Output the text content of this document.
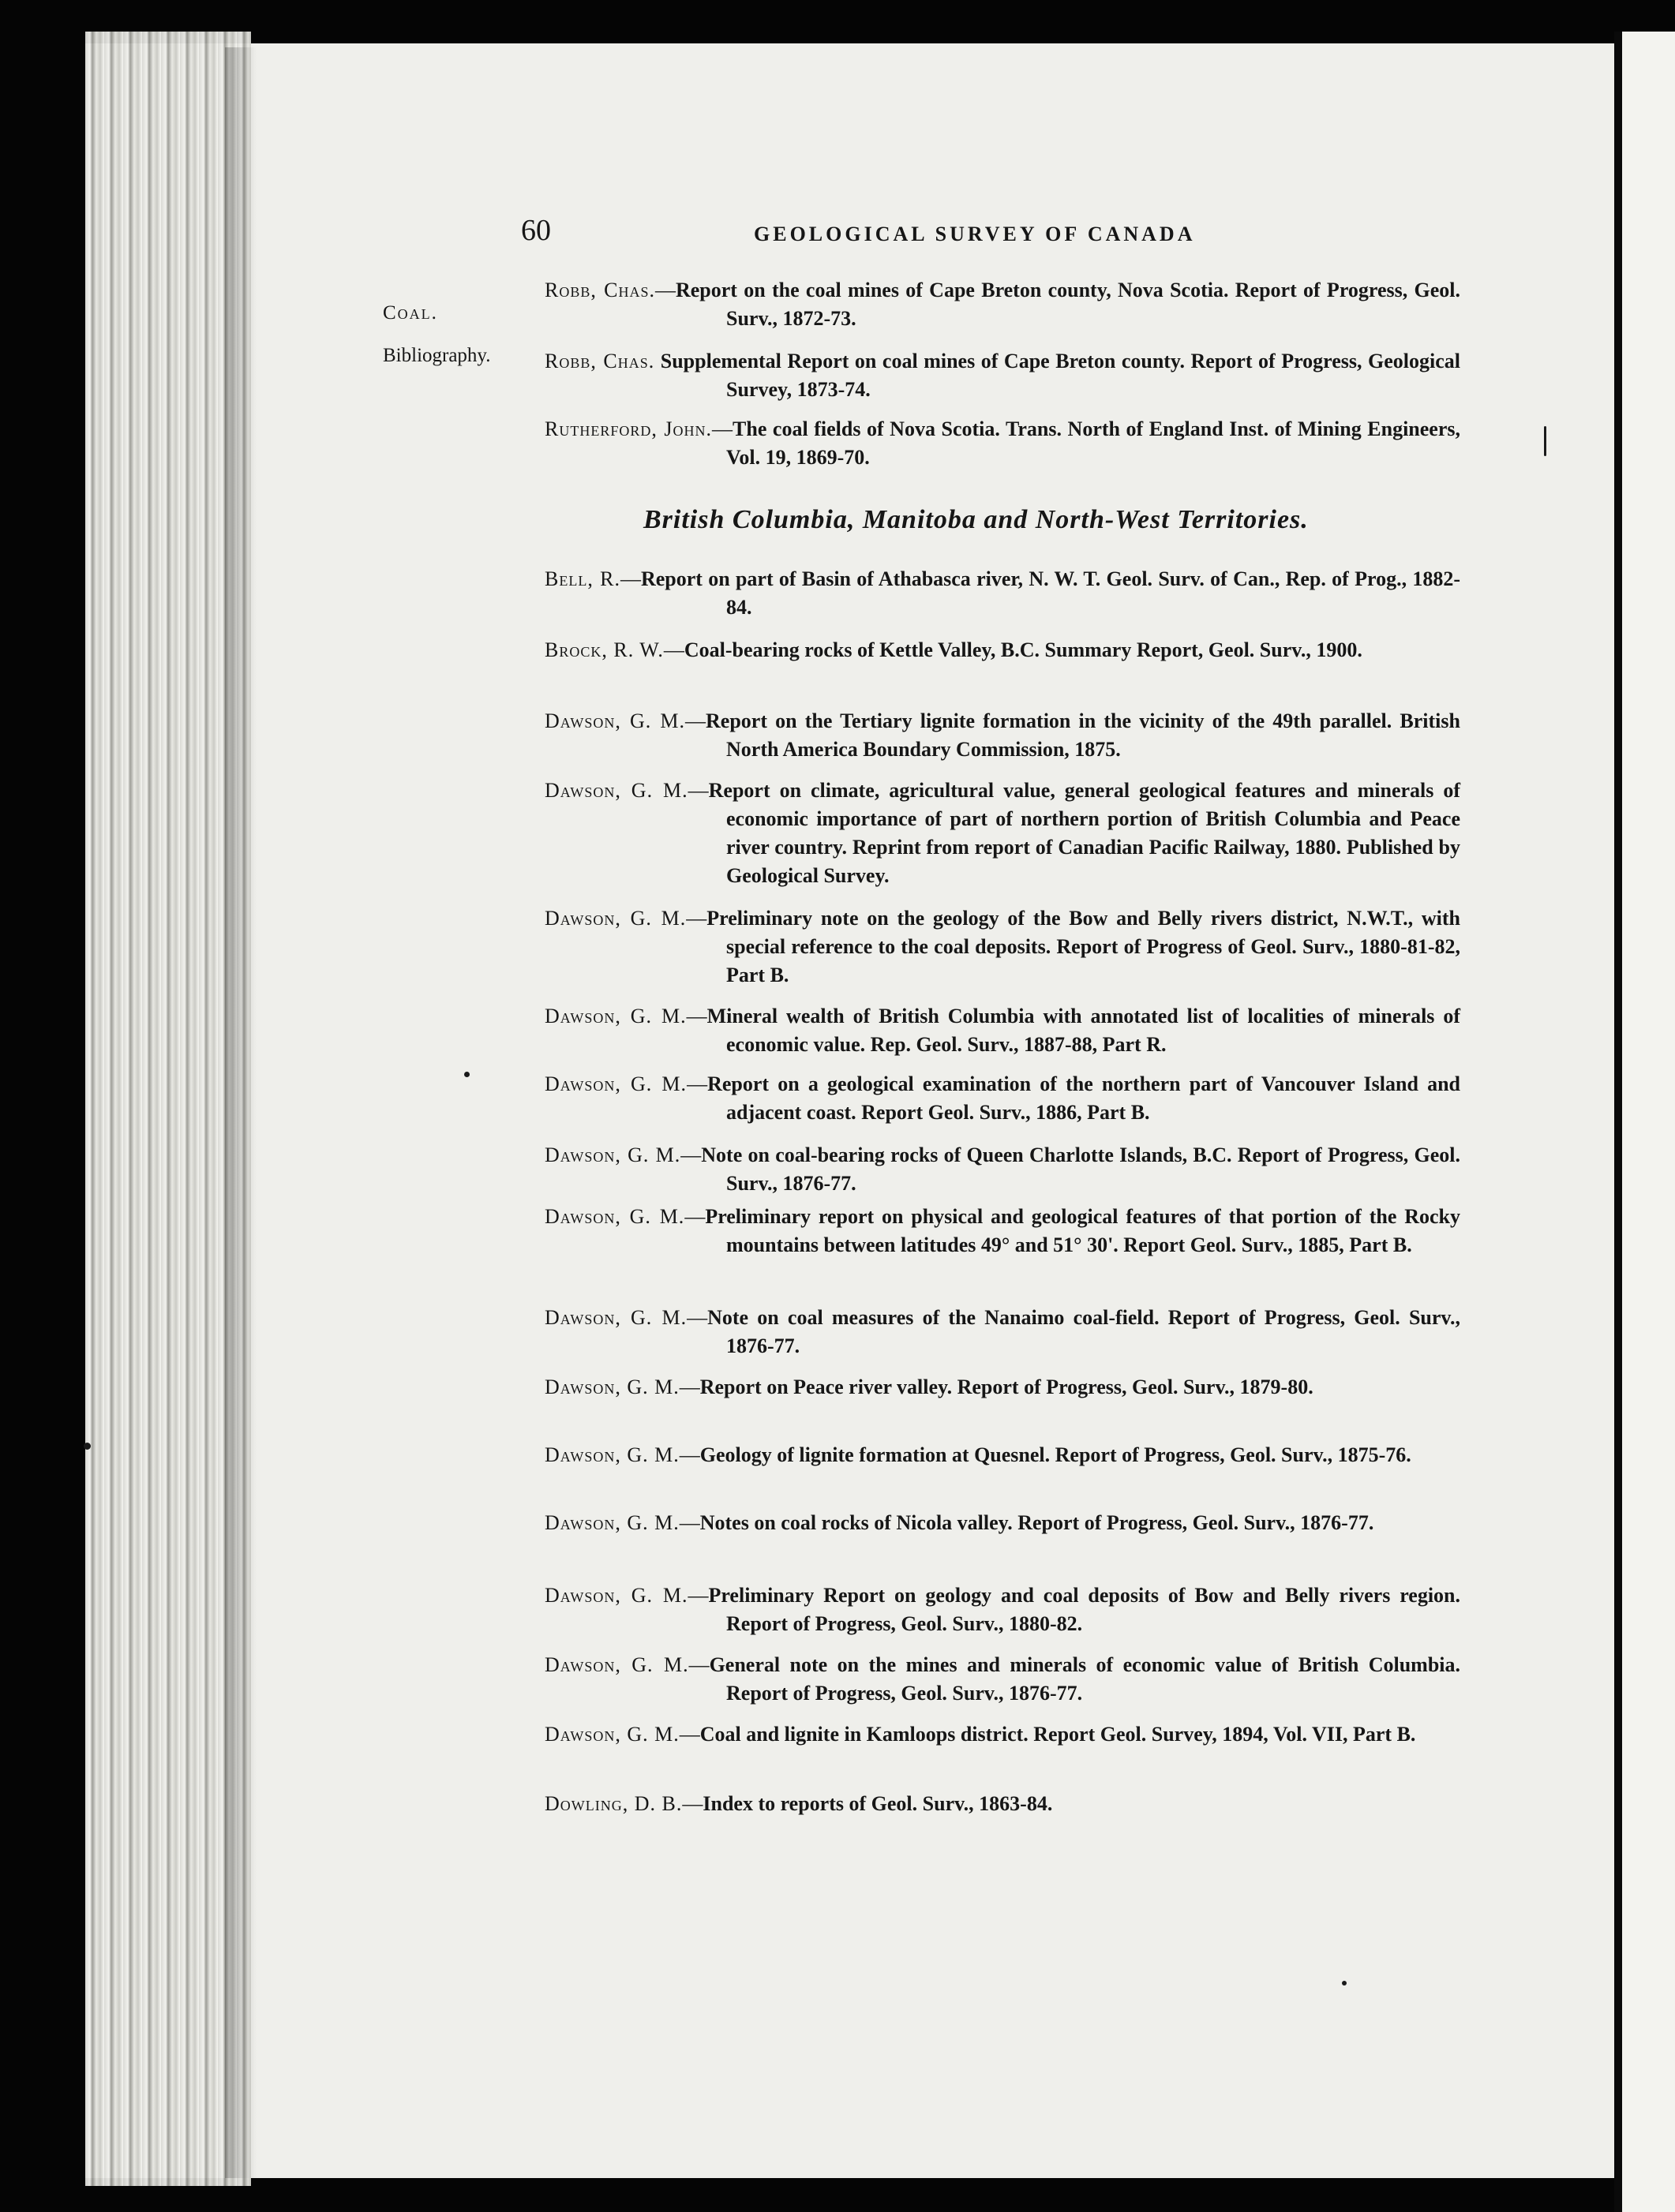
60	GEOLOGICAL SURVEY OF CANADA
Coal.
Bibliography.
Robb, Chas.—Report on the coal mines of Cape Breton county, Nova Scotia. Report of Progress, Geol. Surv., 1872-73.
Robb, Chas. Supplemental Report on coal mines of Cape Breton county. Report of Progress, Geological Survey, 1873-74.
Rutherford, John.—The coal fields of Nova Scotia. Trans. North of England Inst. of Mining Engineers, Vol. 19, 1869-70.
British Columbia, Manitoba and North-West Territories.
Bell, R.—Report on part of Basin of Athabasca river, N. W. T. Geol. Surv. of Can., Rep. of Prog., 1882-84.
Brock, R. W.—Coal-bearing rocks of Kettle Valley, B.C. Summary Report, Geol. Surv., 1900.
Dawson, G. M.—Report on the Tertiary lignite formation in the vicinity of the 49th parallel. British North America Boundary Commission, 1875.
Dawson, G. M.—Report on climate, agricultural value, general geological features and minerals of economic importance of part of northern portion of British Columbia and Peace river country. Reprint from report of Canadian Pacific Railway, 1880. Published by Geological Survey.
Dawson, G. M.—Preliminary note on the geology of the Bow and Belly rivers district, N.W.T., with special reference to the coal deposits. Report of Progress of Geol. Surv., 1880-81-82, Part B.
Dawson, G. M.—Mineral wealth of British Columbia with annotated list of localities of minerals of economic value. Rep. Geol. Surv., 1887-88, Part R.
Dawson, G. M.—Report on a geological examination of the northern part of Vancouver Island and adjacent coast. Report Geol. Surv., 1886, Part B.
Dawson, G. M.—Note on coal-bearing rocks of Queen Charlotte Islands, B.C. Report of Progress, Geol. Surv., 1876-77.
Dawson, G. M.—Preliminary report on physical and geological features of that portion of the Rocky mountains between latitudes 49° and 51° 30'. Report Geol. Surv., 1885, Part B.
Dawson, G. M.—Note on coal measures of the Nanaimo coal-field. Report of Progress, Geol. Surv., 1876-77.
Dawson, G. M.—Report on Peace river valley. Report of Progress, Geol. Surv., 1879-80.
Dawson, G. M.—Geology of lignite formation at Quesnel. Report of Progress, Geol. Surv., 1875-76.
Dawson, G. M.—Notes on coal rocks of Nicola valley. Report of Progress, Geol. Surv., 1876-77.
Dawson, G. M.—Preliminary Report on geology and coal deposits of Bow and Belly rivers region. Report of Progress, Geol. Surv., 1880-82.
Dawson, G. M.—General note on the mines and minerals of economic value of British Columbia. Report of Progress, Geol. Surv., 1876-77.
Dawson, G. M.—Coal and lignite in Kamloops district. Report Geol. Survey, 1894, Vol. VII, Part B.
Dowling, D. B.—Index to reports of Geol. Surv., 1863-84.
